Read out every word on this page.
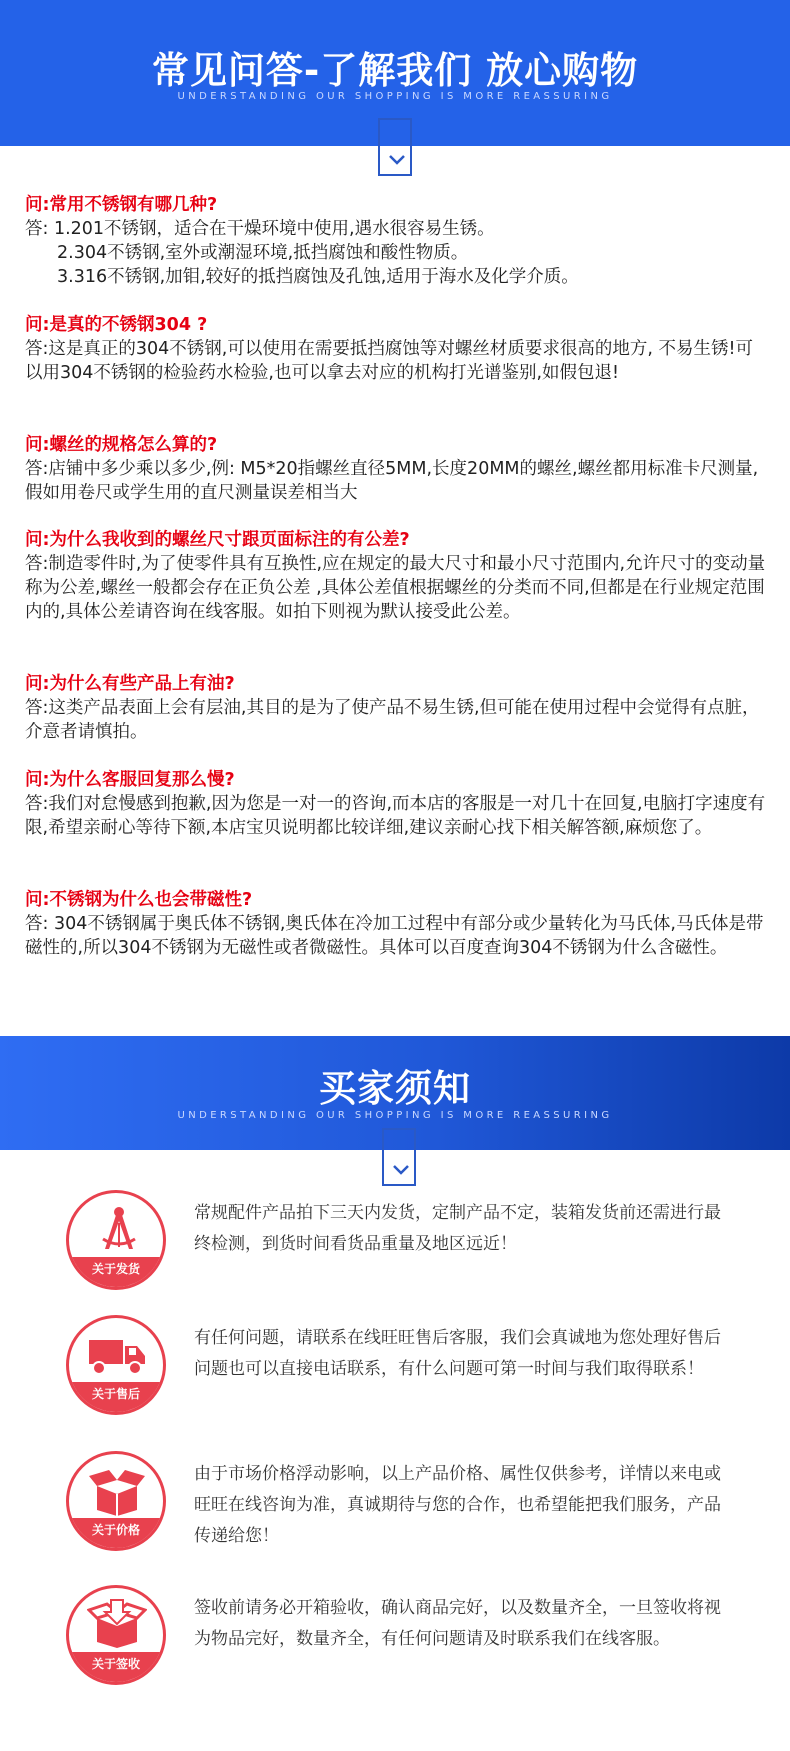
常见问答-了解我们 放心购物
UNDERSTANDING OUR SHOPPING IS MORE REASSURING
问:常用不锈钢有哪几种?
答: 1.201不锈钢，适合在干燥环境中使用,遇水很容易生锈。
2.304不锈钢,室外或潮湿环境,抵挡腐蚀和酸性物质。
3.316不锈钢,加钼,较好的抵挡腐蚀及孔蚀,适用于海水及化学介质。
问:是真的不锈钢304 ?
答:这是真正的304不锈钢,可以使用在需要抵挡腐蚀等对螺丝材质要求很高的地方, 不易生锈!可以用304不锈钢的检验药水检验,也可以拿去对应的机构打光谱鉴别,如假包退!
问:螺丝的规格怎么算的?
答:店铺中多少乘以多少,例: M5*20指螺丝直径5MM,长度20MM的螺丝,螺丝都用标准卡尺测量,假如用卷尺或学生用的直尺测量误差相当大
问:为什么我收到的螺丝尺寸跟页面标注的有公差?
答:制造零件时,为了使零件具有互换性,应在规定的最大尺寸和最小尺寸范围内,允许尺寸的变动量称为公差,螺丝一般都会存在正负公差 ,具体公差值根据螺丝的分类而不同,但都是在行业规定范围内的,具体公差请咨询在线客服。如拍下则视为默认接受此公差。
问:为什么有些产品上有油?
答:这类产品表面上会有层油,其目的是为了使产品不易生锈,但可能在使用过程中会觉得有点脏，介意者请慎拍。
问:为什么客服回复那么慢?
答:我们对怠慢感到抱歉,因为您是一对一的咨询,而本店的客服是一对几十在回复,电脑打字速度有限,希望亲耐心等待下额,本店宝贝说明都比较详细,建议亲耐心找下相关解答额,麻烦您了。
问:不锈钢为什么也会带磁性?
答: 304不锈钢属于奥氏体不锈钢,奥氏体在冷加工过程中有部分或少量转化为马氏体,马氏体是带磁性的,所以304不锈钢为无磁性或者微磁性。具体可以百度查询304不锈钢为什么含磁性。
买家须知
UNDERSTANDING OUR SHOPPING IS MORE REASSURING
关于发货
常规配件产品拍下三天内发货，定制产品不定，装箱发货前还需进行最终检测，到货时间看货品重量及地区远近！
关于售后
有任何问题，请联系在线旺旺售后客服，我们会真诚地为您处理好售后问题也可以直接电话联系，有什么问题可第一时间与我们取得联系！
关于价格
由于市场价格浮动影响，以上产品价格、属性仅供参考，详情以来电或旺旺在线咨询为准，真诚期待与您的合作，也希望能把我们服务，产品传递给您！
关于签收
签收前请务必开箱验收，确认商品完好，以及数量齐全，一旦签收将视为物品完好，数量齐全，有任何问题请及时联系我们在线客服。
